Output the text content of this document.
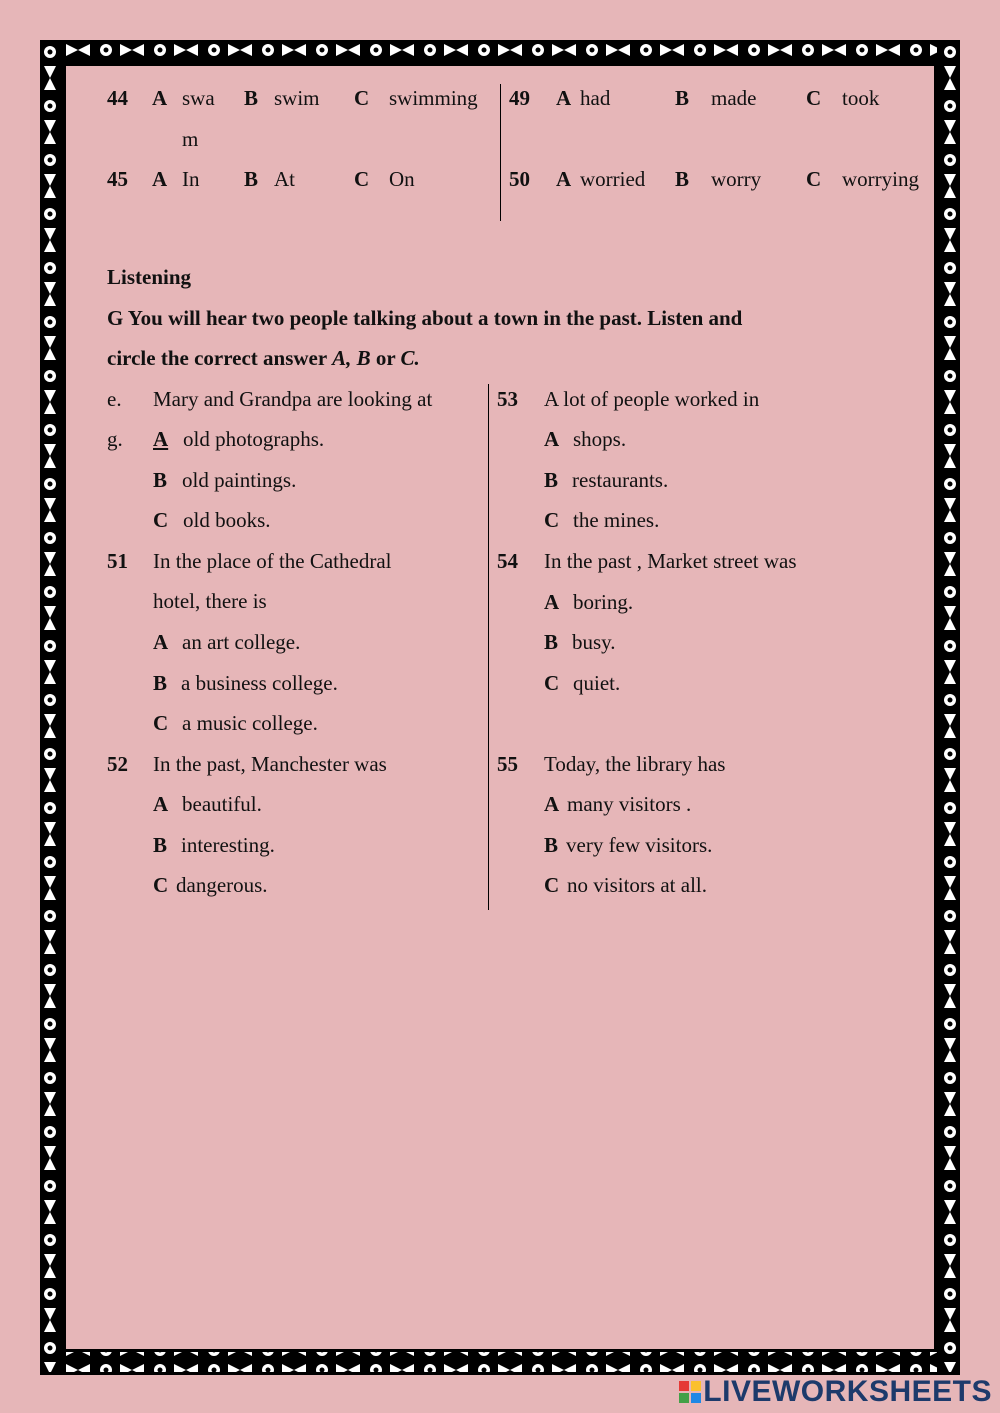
44 A swa
m
B swim C swimming
45 A In B At	C On
49 A had	B made C took
50 A worried B worry C worrying
Listening
G You will hear two people talking about a town in the past. Listen and
circle the correct answer A, B or C.
e.
g.
Mary and Grandpa are looking at
A old photographs.
B old paintings.
C old books.
51 In the place of the Cathedral
hotel, there is
A an art college.
B a business college.
C a music college.
52 In the past, Manchester was
A beautiful.
B interesting.
C dangerous.
53 A lot of people worked in
A shops.
B restaurants.
C the mines.
54 In the past , Market street was
A boring.
B busy.
C quiet.
55 Today, the library has
A many visitors .
B very few visitors.
C no visitors at all.
LIVEWORKSHEETS
